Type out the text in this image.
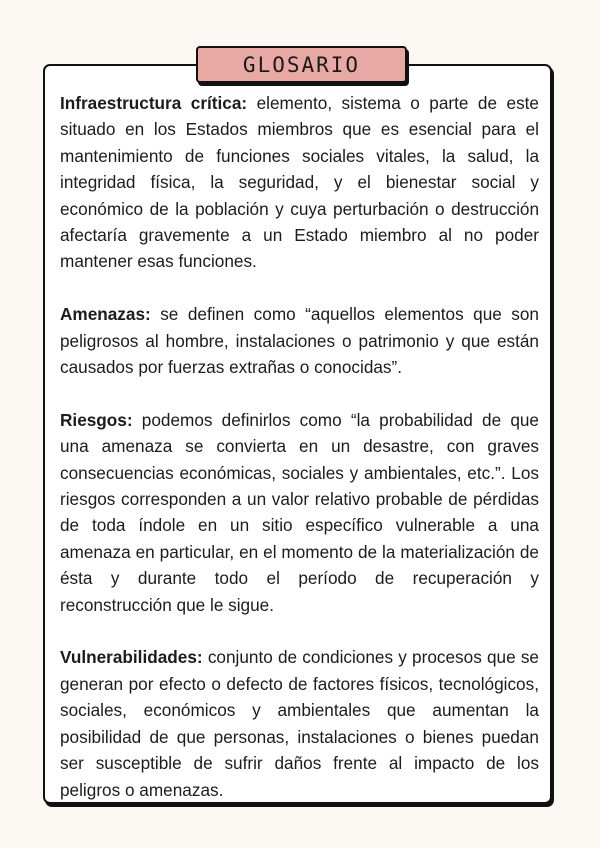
GLOSARIO

Infraestructura crítica: elemento, sistema o parte de este situado en los Estados miembros que es esencial para el mantenimiento de funciones sociales vitales, la salud, la integridad física, la seguridad, y el bienestar social y económico de la población y cuya perturbación o destrucción afectaría gravemente a un Estado miembro al no poder mantener esas funciones.

Amenazas: se definen como “aquellos elementos que son peligrosos al hombre, instalaciones o patrimonio y que están causados por fuerzas extrañas o conocidas”.

Riesgos: podemos definirlos como “la probabilidad de que una amenaza se convierta en un desastre, con graves consecuencias económicas, sociales y ambientales, etc.”. Los riesgos corresponden a un valor relativo probable de pérdidas de toda índole en un sitio específico vulnerable a una amenaza en particular, en el momento de la materialización de ésta y durante todo el período de recuperación y reconstrucción que le sigue.

Vulnerabilidades: conjunto de condiciones y procesos que se generan por efecto o defecto de factores físicos, tecnológicos, sociales, económicos y ambientales que aumentan la posibilidad de que personas, instalaciones o bienes puedan ser susceptible de sufrir daños frente al impacto de los peligros o amenazas.
